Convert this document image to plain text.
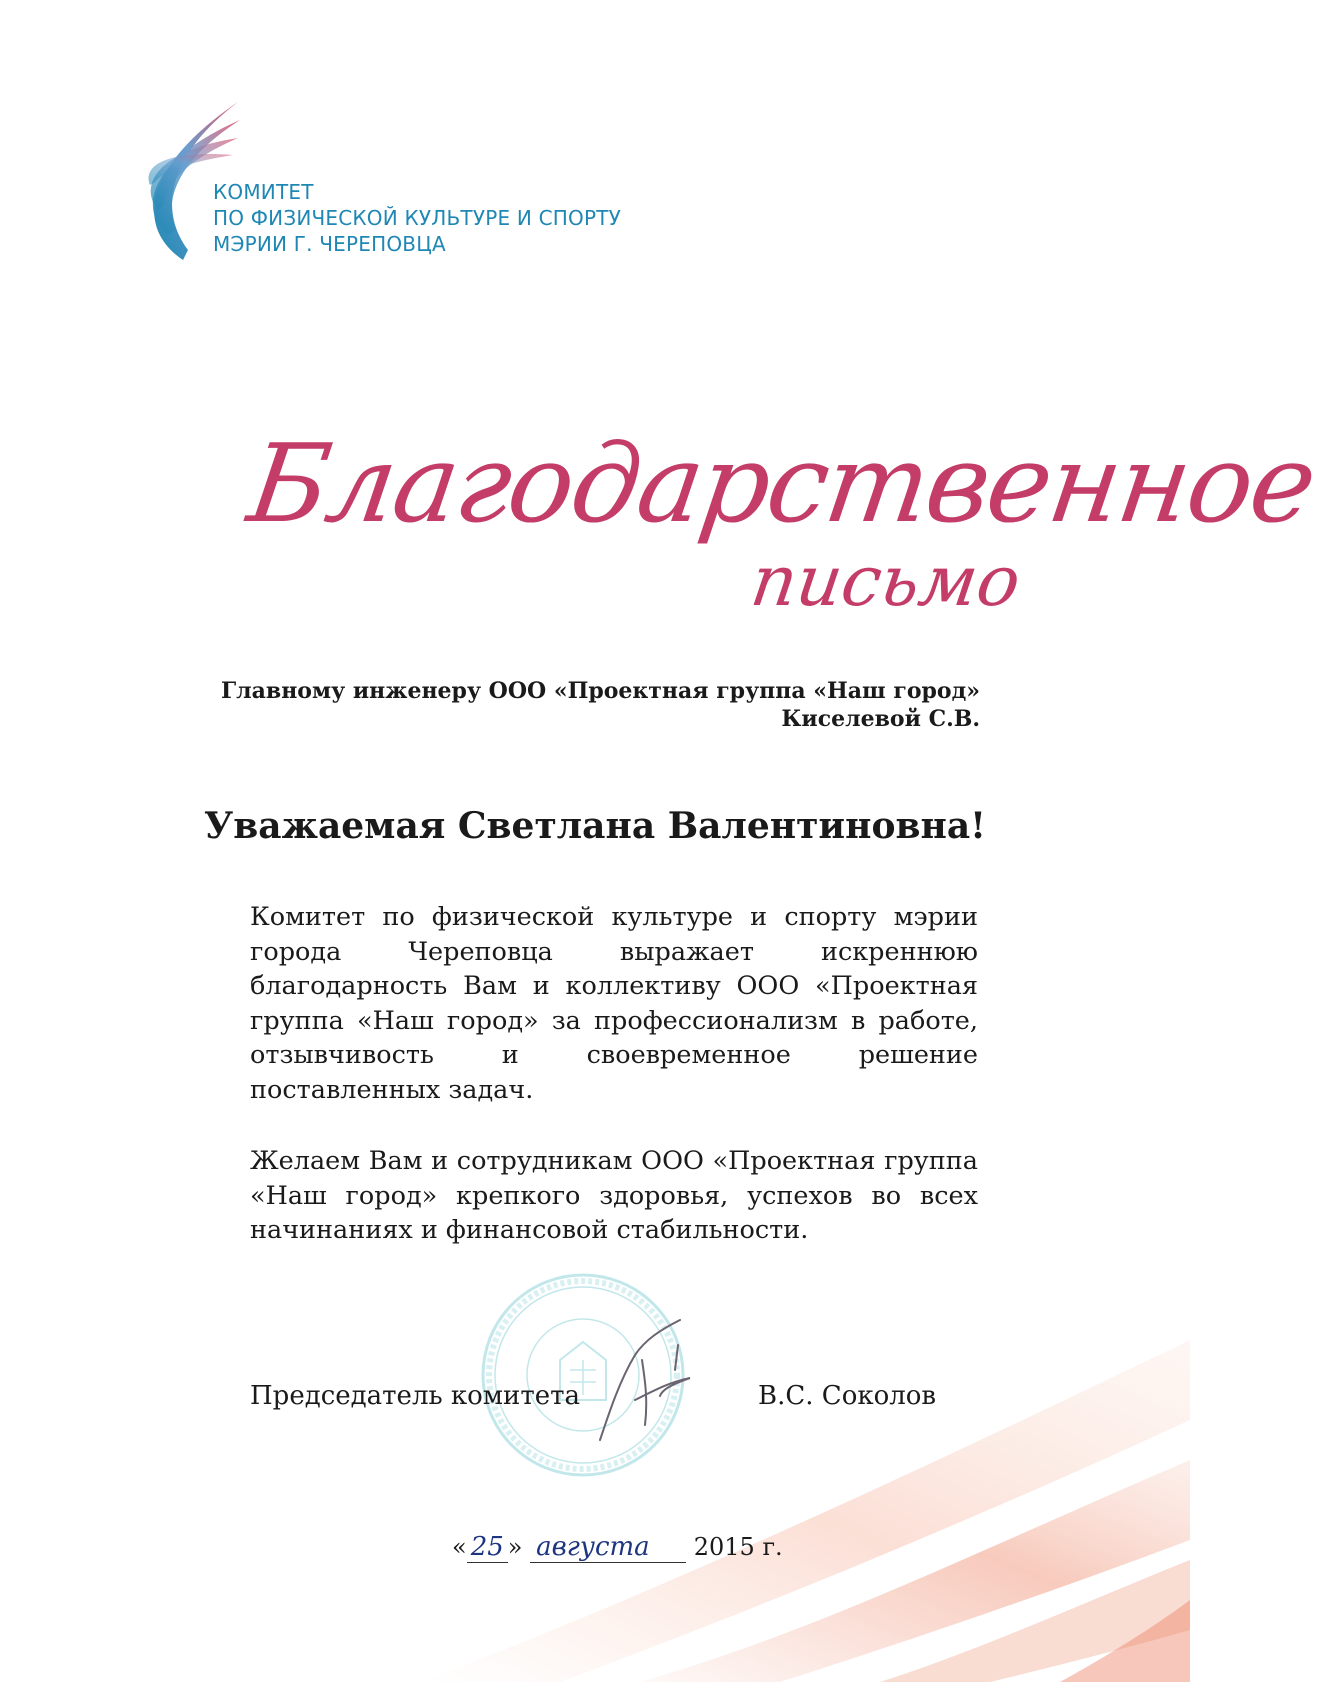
КОМИТЕТ
ПО ФИЗИЧЕСКОЙ КУЛЬТУРЕ И СПОРТУ
МЭРИИ Г. ЧЕРЕПОВЦА
Благодарственное
письмо
Главному инженеру ООО «Проектная группа «Наш город»
Киселевой С.В.
Уважаемая Светлана Валентиновна!
Комитет по физической культуре и спорту мэрии города Череповца выражает искреннюю благодарность Вам и коллективу ООО «Проектная группа «Наш город» за профессионализм в работе, отзывчивость и своевременное решение поставленных задач.
Желаем Вам и сотрудникам ООО «Проектная группа «Наш город» крепкого здоровья, успехов во всех начинаниях и финансовой стабильности.
Председатель комитета	В.С. Соколов
« 25 » августа 2015 г.
